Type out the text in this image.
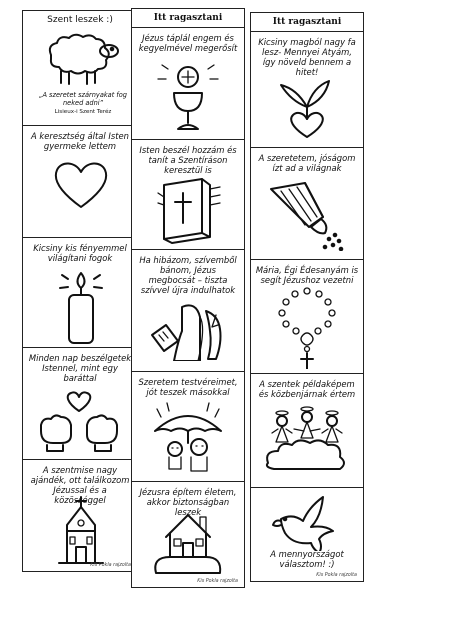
Szent leszek :)
„A szeretet szárnyakat fog neked adni”
Lisieux-i Szent Teréz
A keresztség által Isten gyermeke lettem
Kicsiny kis fényemmel világítani fogok
Minden nap beszélgetek Istennel, mint egy baráttal
A szentmise nagy ajándék, ott találkozom Jézussal és a közösséggel
Kis Pokla rajzolta
Itt ragasztani
Jézus táplál engem és kegyelmével megerősít
Isten beszél hozzám és tanít a Szentíráson keresztül is
Ha hibázom, szívemből bánom, Jézus megbocsát – tiszta szívvel újra indulhatok
Szeretem testvéreimet, jót teszek másokkal
Jézusra építem életem, akkor biztonságban leszek
Kis Pokla rajzolta
Itt ragasztani
Kicsiny magból nagy fa lesz- Mennyei Atyám, így növeld bennem a hitet!
A szeretetem, jóságom ízt ad a világnak
Mária, Égi Édesanyám is segít Jézushoz vezetni
A szentek példaképem és közbenjárnak értem
A mennyországot választom! :)
Kis Pokla rajzolta
